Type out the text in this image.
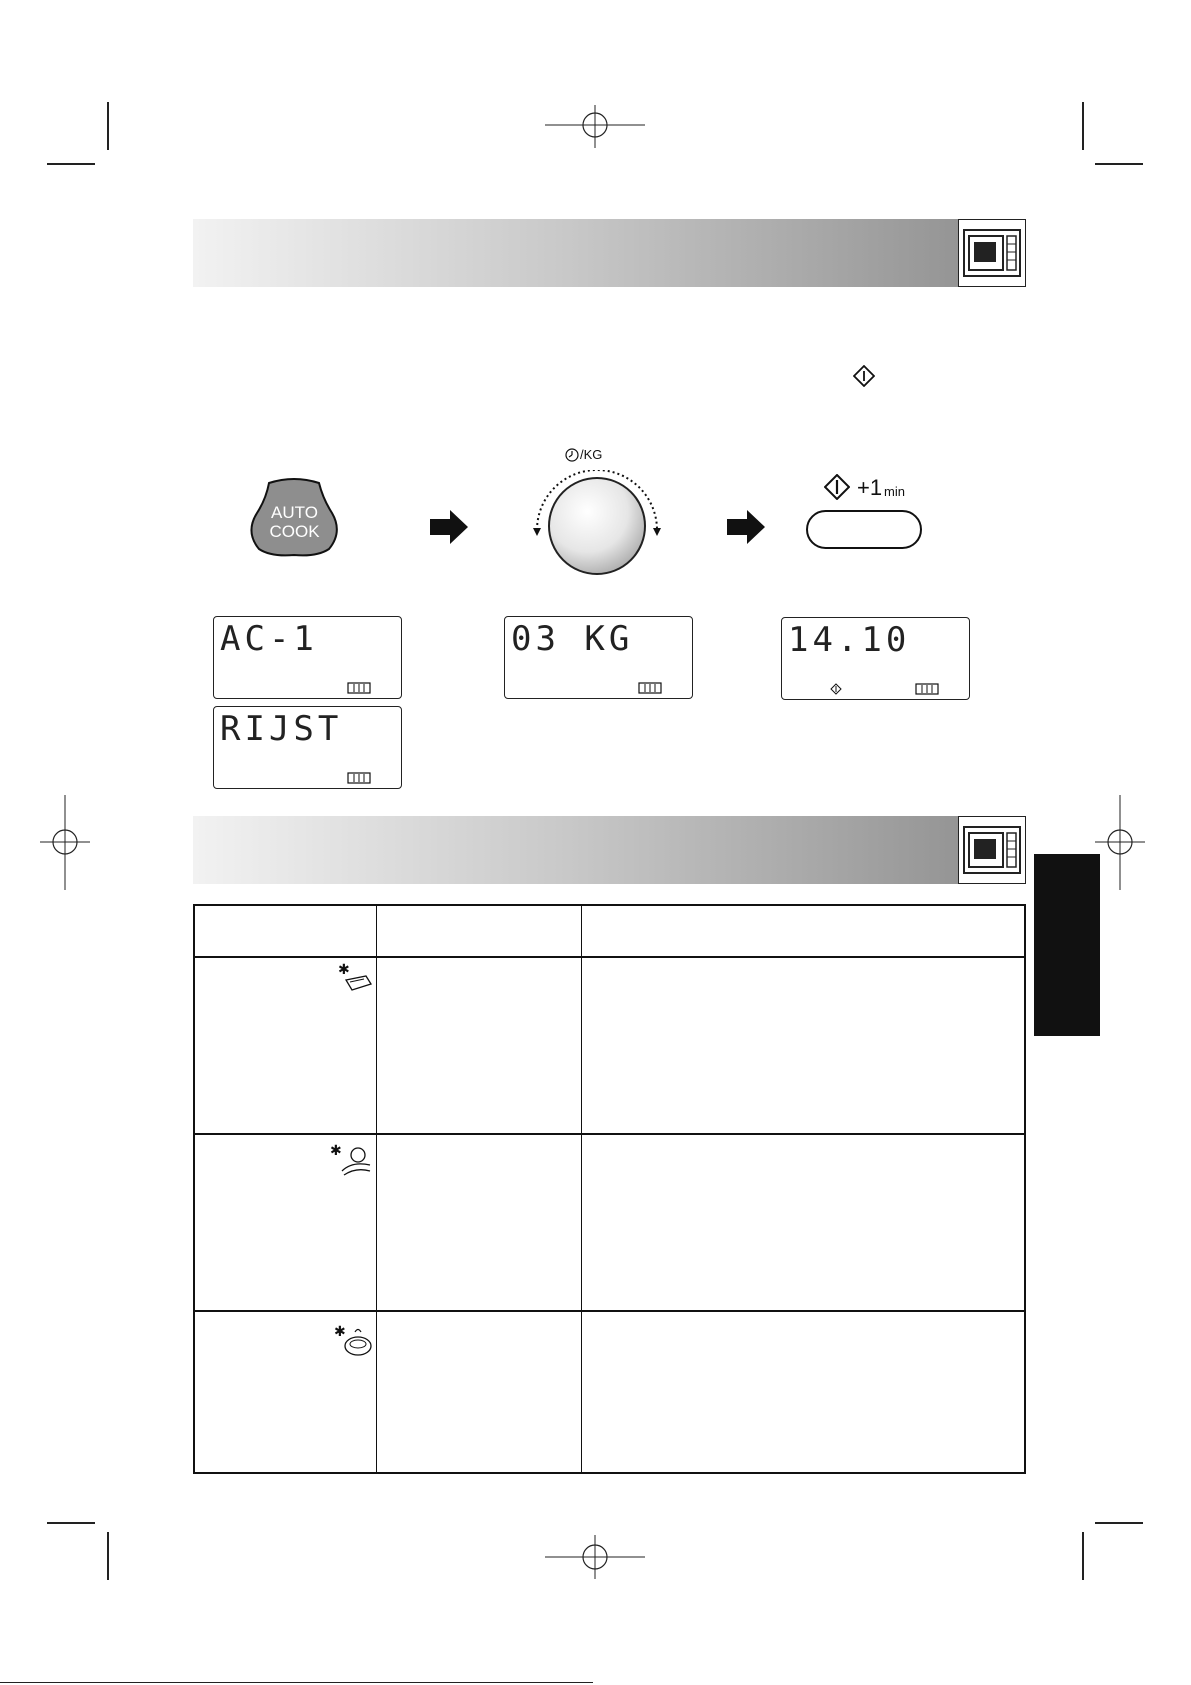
AUTO
COOK
/KG
+1 min
AC-1	03 KG	14.10
RIJST

✱		

✱		

✱		
